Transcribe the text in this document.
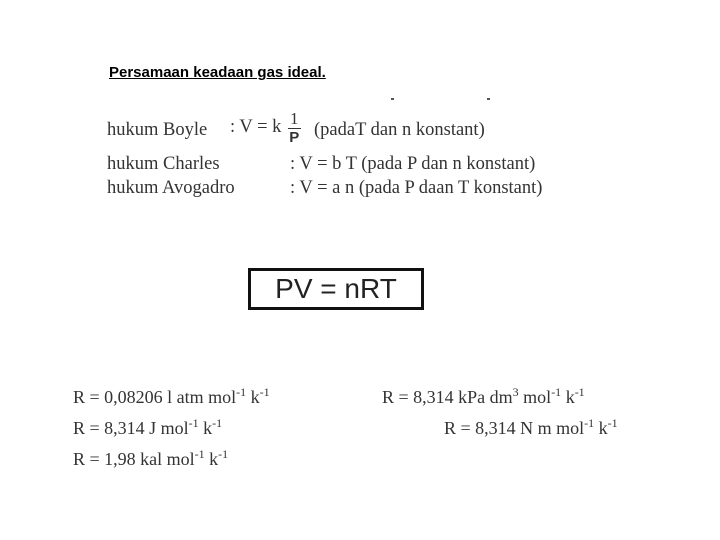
Persamaan keadaan gas ideal.
hukum Boyle : V = k $\frac{1}{P}$ (padaT dan n konstant)
hukum Charles	: V = b T (pada P dan n konstant)
hukum Avogadro	: V = a n (pada P daan T konstant)
PV = nRT
R = 0,08206 l atm mol$^{-1}$ $k^{-1}$
R = 8,314 J mol$^{-1}$ $k^{-1}$
R = 1,98 kal mol$^{-1}$ $k^{-1}$
R = 8,314 kPa $dm^3$ mol$^{-1}$ $k^{-1}$
R = 8,314 N m mol$^{-1}$ $k^{-1}$
